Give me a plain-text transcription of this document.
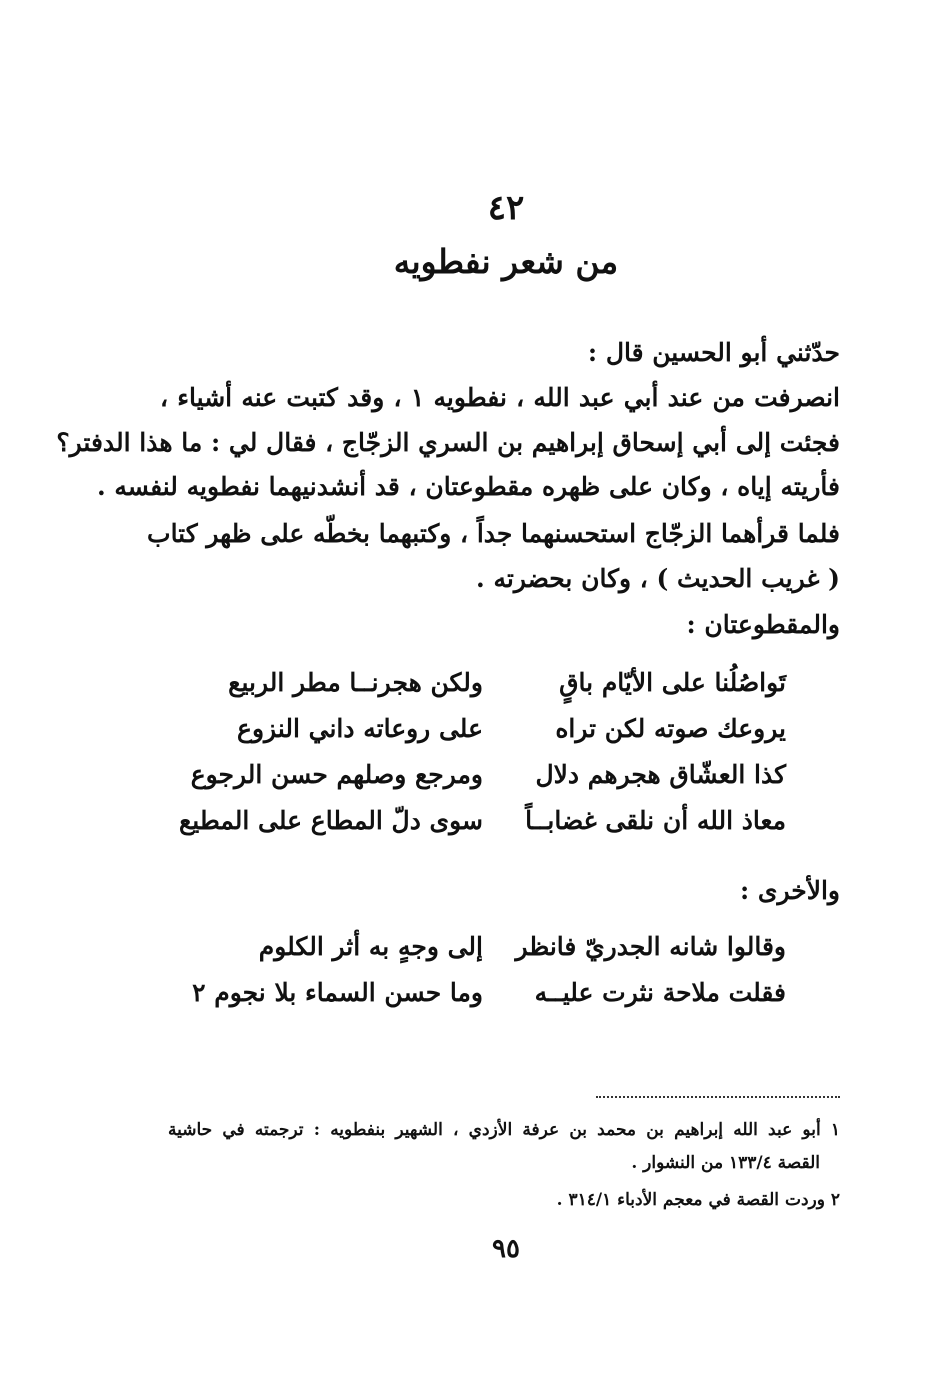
٤٢
من شعر نفطويه
حدّثني أبو الحسين قال :
انصرفت من عند أبي عبد الله ، نفطويه ١ ، وقد كتبت عنه أشياء ،
فجئت إلى أبي إسحاق إبراهيم بن السري الزجّاج ، فقال لي : ما هذا الدفتر؟
فأريته إياه ، وكان على ظهره مقطوعتان ، قد أنشدنيهما نفطويه لنفسه .
فلما قرأهما الزجّاج استحسنهما جداً ، وكتبهما بخطّه على ظهر كتاب
( غريب الحديث ) ، وكان بحضرته .
والمقطوعتان :
تَواصُلُنا على الأيّام باقٍ
ولكن هجرنــا مطر الربيع
يروعك صوته لكن تراه
على روعاته داني النزوع
كذا العشّاق هجرهم دلال
ومرجع وصلهم حسن الرجوع
معاذ الله أن نلقى غضابــاً
سوى دلّ المطاع على المطيع
والأخرى :
وقالوا شانه الجدريّ فانظر
إلى وجهٍ به أثر الكلوم
فقلت ملاحة نثرت عليــه
وما حسن السماء بلا نجوم ٢
١ أبو عبد الله إبراهيم بن محمد بن عرفة الأزدي ، الشهير بنفطويه : ترجمته في حاشية
القصة ١٣٣/٤ من النشوار .
٢ وردت القصة في معجم الأدباء ٣١٤/١ .
٩٥
